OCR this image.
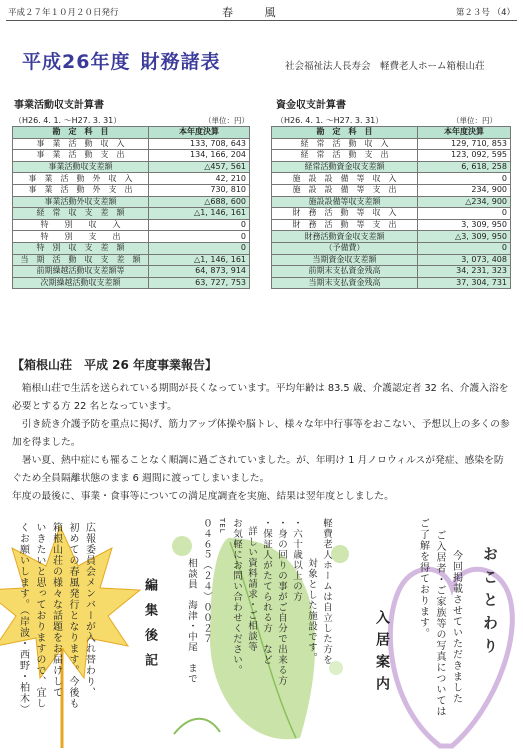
平成２７年１０月２０日発行	春 風	第２３号 （4）
平成26年度 財務諸表	社会福祉法人長寿会　軽費老人ホーム箱根山荘
事業活動収支計算書
（H26. 4. 1. 〜H27. 3. 31）	（単位：円）
勘　定　科　目	本年度決算
事　業　活　動　収　入	133, 708, 643
事　業　活　動　支　出	134, 166, 204
事業活動収支差額	△457, 561
事　業　活　動　外　収　入	42, 210
事　業　活　動　外　支　出	730, 810
事業活動外収支差額	△688, 600
経　常　収　支　差　額	△1, 146, 161
特　　別　　収　　入	0
特　　別　　支　　出	0
特　別　収　支　差　額	0
当　期　活　動　収　支　差　額	△1, 146, 161
前期繰越活動収支差額等	64, 873, 914
次期繰越活動収支差額	63, 727, 753
資金収支計算書
（H26. 4. 1. 〜H27. 3. 31）	（単位：円）
勘　定　科　目	本年度決算
経　常　活　動　収　入	129, 710, 853
経　常　活　動　支　出	123, 092, 595
経常活動資金収支差額	6, 618, 258
施　設　設　備　等　収　入	0
施　設　設　備　等　支　出	234, 900
施設設備等収支差額	△234, 900
財　務　活　動　等　収　入	0
財　務　活　動　等　支　出	3, 309, 950
財務活動資金収支差額	△3, 309, 950
（予備費）	0
当期資金収支差額	3, 073, 408
前期末支払資金残高	34, 231, 323
当期末支払資金残高	37, 304, 731
【箱根山荘　平成 26 年度事業報告】

箱根山荘で生活を送られている期間が長くなっています。平均年齢は 83.5 歳、介護認定者 32 名、介護入浴を必要とする方 22 名となっています。

引き続き介護予防を重点に掲げ、筋力アップ体操や脳トレ、様々な年中行事等をおこない、予想以上の多くの参加を得ました。

暑い夏、熱中症にも罹ることなく順調に過ごされていました。が、年明け 1 月ノロウィルスが発症、感染を防ぐため全員隔離状態のまま 6 週間に渡ってしまいました。

年度の最後に、事業・食事等についての満足度調査を実施、結果は翌年度としました。

おことわり
今回掲載させていただきました
ご入居者・ご家族等の写真については
ご了解を得ております。
入居案内
軽費老人ホームは自立した方を
対象とした施設です。
・六十歳以上の方
・身の回りの事がご自分で出来る方
・保証人がたてられる方　など
詳しい資料請求・ご相談等
お気軽にお問い合わせください。
TEL
０４６５（２４）００２７
相談員　海津・中尾　まで
編集後記
広報委員会メンバーが入れ替わり、
初めての春風発行となります。今後も
箱根山荘の様々な話題をお届けして
いきたいと思っておりますので、宜し
くお願いします。（岸波・西野・柏木）
